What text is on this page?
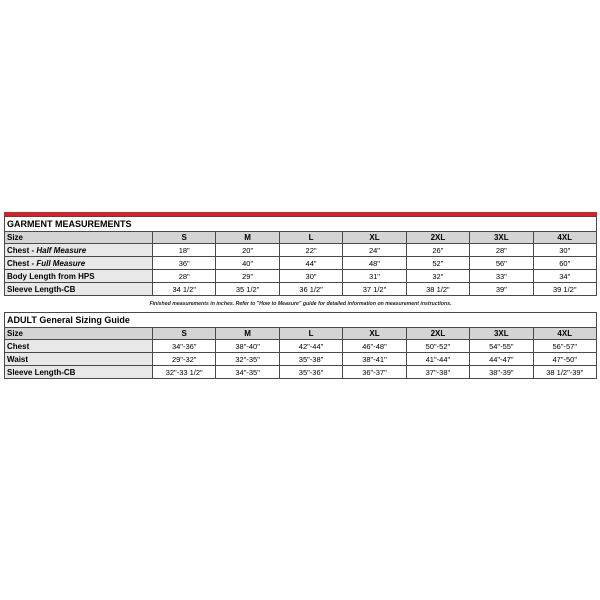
GARMENT MEASUREMENTS
Size	S	M	L	XL	2XL	3XL	4XL
Chest - Half Measure	18"	20"	22"	24"	26"	28"	30"
Chest - Full Measure	36"	40"	44"	48"	52"	56"	60"
Body Length from HPS	28"	29"	30"	31"	32"	33"	34"
Sleeve Length-CB	34 1/2"	35 1/2"	36 1/2"	37 1/2"	38 1/2"	39"	39 1/2"
Finished measurements in inches. Refer to "How to Measure" guide for detailed information on measurement instructions.
ADULT General Sizing Guide
Size	S	M	L	XL	2XL	3XL	4XL
Chest	34"-36"	38"-40"	42"-44"	46"-48"	50"-52"	54"-55"	56"-57"
Waist	29"-32"	32"-35"	35"-38"	38"-41"	41"-44"	44"-47"	47"-50"
Sleeve Length-CB	32"-33 1/2"	34"-35"	35"-36"	36"-37"	37"-38"	38"-39"	38 1/2"-39"
